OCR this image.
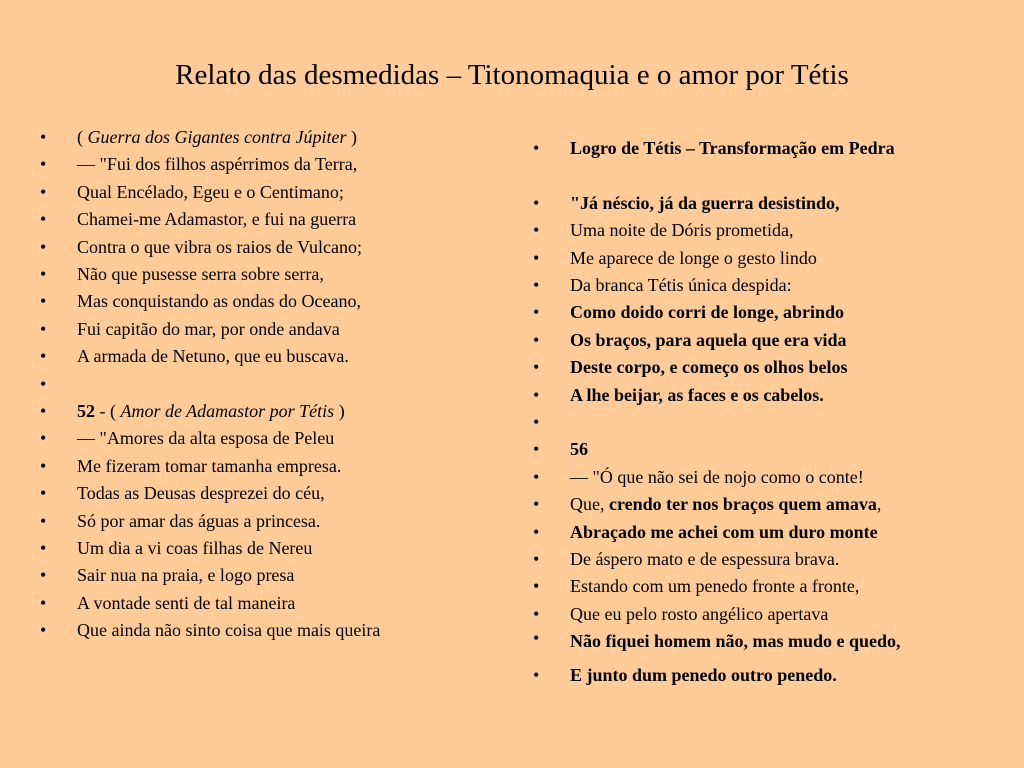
Relato das desmedidas – Titonomaquia e o amor por Tétis
• ( Guerra dos Gigantes contra Júpiter )
• — "Fui dos filhos aspérrimos da Terra,
• Qual Encélado, Egeu e o Centimano;
• Chamei-me Adamastor, e fui na guerra
• Contra o que vibra os raios de Vulcano;
• Não que pusesse serra sobre serra,
• Mas conquistando as ondas do Oceano,
• Fui capitão do mar, por onde andava
• A armada de Netuno, que eu buscava.
•
• 52 - ( Amor de Adamastor por Tétis )
• — "Amores da alta esposa de Peleu
• Me fizeram tomar tamanha empresa.
• Todas as Deusas desprezei do céu,
• Só por amar das águas a princesa.
• Um dia a vi coas filhas de Nereu
• Sair nua na praia, e logo presa
• A vontade senti de tal maneira
• Que ainda não sinto coisa que mais queira
• Logro de Tétis – Transformação em Pedra
• "Já néscio, já da guerra desistindo,
• Uma noite de Dóris prometida,
• Me aparece de longe o gesto lindo
• Da branca Tétis única despida:
• Como doido corri de longe, abrindo
• Os braços, para aquela que era vida
• Deste corpo, e começo os olhos belos
• A lhe beijar, as faces e os cabelos.
•
• 56
• — "Ó que não sei de nojo como o conte!
• Que, crendo ter nos braços quem amava,
• Abraçado me achei com um duro monte
• De áspero mato e de espessura brava.
• Estando com um penedo fronte a fronte,
• Que eu pelo rosto angélico apertava
• Não fiquei homem não, mas mudo e quedo,
• E junto dum penedo outro penedo.
